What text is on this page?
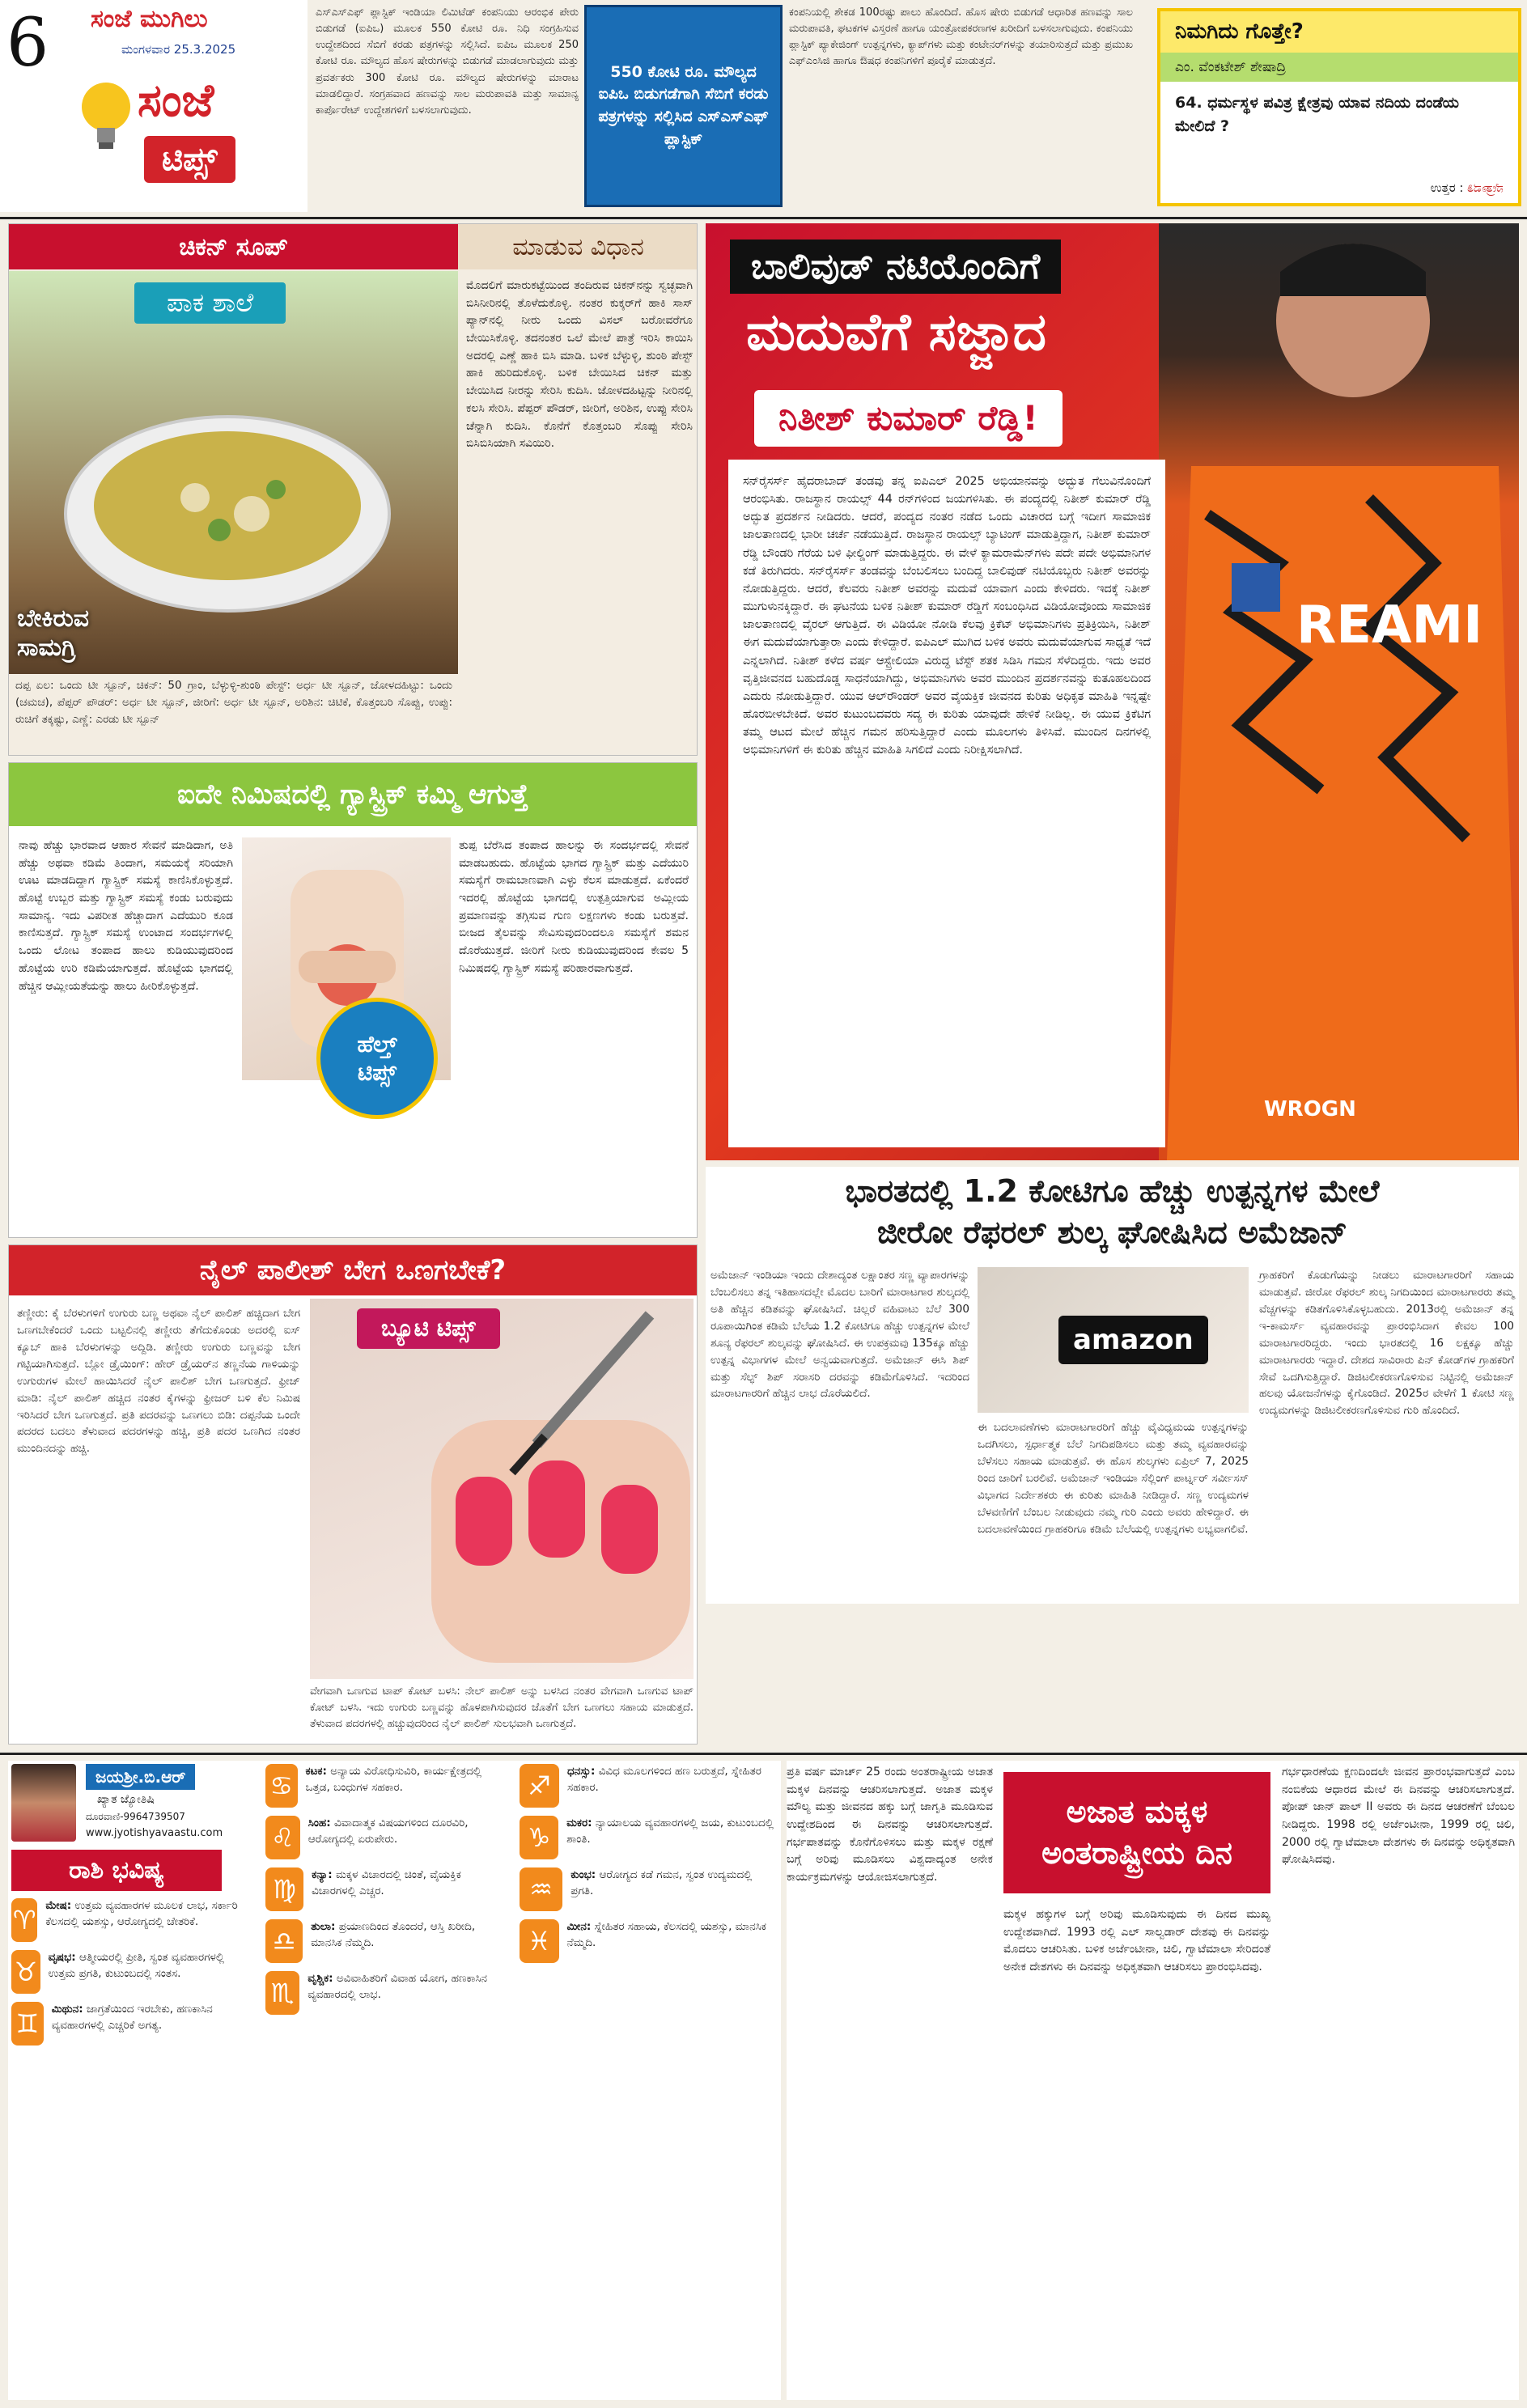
6 ಸಂಜೆ ಮುಗಿಲು
ಮಂಗಳವಾರ 25.3.2025
ಸಂಜೆ
ಟಿಪ್ಸ್
ಎಸ್‌ಎಸ್‌ಎಫ್ ಪ್ಲಾಸ್ಟಿಕ್ ಇಂಡಿಯಾ ಲಿಮಿಟೆಡ್ ಕಂಪನಿಯು ಆರಂಭಿಕ ಪೇರು ಬಿಡುಗಡೆ (ಐಪಿಒ) ಮೂಲಕ 550 ಕೋಟಿ ರೂ. ನಿಧಿ ಸಂಗ್ರಹಿಸುವ ಉದ್ದೇಶದಿಂದ ಸೆಬಿಗೆ ಕರಡು ಪತ್ರಗಳನ್ನು ಸಲ್ಲಿಸಿದೆ. ಐಪಿಒ ಮೂಲಕ 250 ಕೋಟಿ ರೂ. ಮೌಲ್ಯದ ಹೊಸ ಷೇರುಗಳನ್ನು ಬಿಡುಗಡೆ ಮಾಡಲಾಗುವುದು ಮತ್ತು ಪ್ರವರ್ತಕರು 300 ಕೋಟಿ ರೂ. ಮೌಲ್ಯದ ಷೇರುಗಳನ್ನು ಮಾರಾಟ ಮಾಡಲಿದ್ದಾರೆ. ಸಂಗ್ರಹವಾದ ಹಣವನ್ನು ಸಾಲ ಮರುಪಾವತಿ ಮತ್ತು ಸಾಮಾನ್ಯ ಕಾರ್ಪೊರೇಟ್ ಉದ್ದೇಶಗಳಿಗೆ ಬಳಸಲಾಗುವುದು.
550 ಕೋಟಿ ರೂ. ಮೌಲ್ಯದ ಐಪಿಒ ಬಿಡುಗಡೆಗಾಗಿ ಸೆಬಿಗೆ ಕರಡು ಪತ್ರಗಳನ್ನು ಸಲ್ಲಿಸಿದ ಎಸ್‌ಎಸ್‌ಎಫ್ ಪ್ಲಾಸ್ಟಿಕ್
ಕಂಪನಿಯಲ್ಲಿ ಶೇಕಡ 100ರಷ್ಟು ಪಾಲು ಹೊಂದಿದೆ. ಹೊಸ ಷೇರು ಬಿಡುಗಡೆ ಆಧಾರಿತ ಹಣವನ್ನು ಸಾಲ ಮರುಪಾವತಿ, ಘಟಕಗಳ ವಿಸ್ತರಣೆ ಹಾಗೂ ಯಂತ್ರೋಪಕರಣಗಳ ಖರೀದಿಗೆ ಬಳಸಲಾಗುವುದು. ಕಂಪನಿಯು ಪ್ಲಾಸ್ಟಿಕ್ ಪ್ಯಾಕೇಜಿಂಗ್ ಉತ್ಪನ್ನಗಳು, ಕ್ಯಾಪ್‌ಗಳು ಮತ್ತು ಕಂಟೇನರ್‌ಗಳನ್ನು ತಯಾರಿಸುತ್ತದೆ ಮತ್ತು ಪ್ರಮುಖ ಎಫ್‌ಎಂಸಿಜಿ ಹಾಗೂ ಔಷಧ ಕಂಪನಿಗಳಿಗೆ ಪೂರೈಕೆ ಮಾಡುತ್ತದೆ.
ನಿಮಗಿದು ಗೊತ್ತೇ?
ಎಂ. ವೆಂಕಟೇಶ್ ಶೇಷಾದ್ರಿ
64. ಧರ್ಮಸ್ಥಳ ಪವಿತ್ರ ಕ್ಷೇತ್ರವು ಯಾವ ನದಿಯ ದಂಡೆಯ ಮೇಲಿದೆ ?
ಉತ್ತರ : ನೇತ್ರಾವತಿ
ಚಿಕನ್ ಸೂಪ್	ಮಾಡುವ ವಿಧಾನ
ಪಾಕ ಶಾಲೆ
ಬೇಕಿರುವ ಸಾಮಗ್ರಿ
ದಪ್ಪ ಏಲ: ಒಂದು ಟೀ ಸ್ಪೂನ್, ಚಿಕನ್: 50 ಗ್ರಾಂ, ಬೆಳ್ಳುಳ್ಳಿ-ಶುಂಠಿ ಪೇಸ್ಟ್: ಅರ್ಧ ಟೀ ಸ್ಪೂನ್, ಜೋಳದಹಿಟ್ಟು: ಒಂದು (ಚಮಚ), ಪೆಪ್ಪರ್ ಪೌಡರ್: ಅರ್ಧ ಟೀ ಸ್ಪೂನ್, ಜೀರಿಗೆ: ಅರ್ಧ ಟೀ ಸ್ಪೂನ್, ಅರಿಶಿನ: ಚಿಟಿಕೆ, ಕೊತ್ತಂಬರಿ ಸೊಪ್ಪು, ಉಪ್ಪು: ರುಚಿಗೆ ತಕ್ಕಷ್ಟು, ಎಣ್ಣೆ: ಎರಡು ಟೀ ಸ್ಪೂನ್
ಮೊದಲಿಗೆ ಮಾರುಕಟ್ಟೆಯಿಂದ ತಂದಿರುವ ಚಿಕನ್‌ನನ್ನು ಸ್ವಚ್ಛವಾಗಿ ಬಿಸಿನೀರಿನಲ್ಲಿ ತೊಳೆದುಕೊಳ್ಳಿ. ನಂತರ ಕುಕ್ಕರ್‌ಗೆ ಹಾಕಿ ಸಾಸ್ ಪ್ಯಾನ್‌ನಲ್ಲಿ ನೀರು ಒಂದು ವಿಸಲ್ ಬರೋವರೆಗೂ ಬೇಯಿಸಿಕೊಳ್ಳಿ. ತದನಂತರ ಒಲೆ ಮೇಲೆ ಪಾತ್ರೆ ಇರಿಸಿ ಕಾಯಿಸಿ ಅದರಲ್ಲಿ ಎಣ್ಣೆ ಹಾಕಿ ಬಿಸಿ ಮಾಡಿ. ಬಳಿಕ ಬೆಳ್ಳುಳ್ಳಿ, ಶುಂಠಿ ಪೇಸ್ಟ್ ಹಾಕಿ ಹುರಿದುಕೊಳ್ಳಿ. ಬಳಿಕ ಬೇಯಿಸಿದ ಚಿಕನ್ ಮತ್ತು ಬೇಯಿಸಿದ ನೀರನ್ನು ಸೇರಿಸಿ ಕುದಿಸಿ. ಜೋಳದಹಿಟ್ಟನ್ನು ನೀರಿನಲ್ಲಿ ಕಲಸಿ ಸೇರಿಸಿ. ಪೆಪ್ಪರ್ ಪೌಡರ್, ಜೀರಿಗೆ, ಅರಿಶಿನ, ಉಪ್ಪು ಸೇರಿಸಿ ಚೆನ್ನಾಗಿ ಕುದಿಸಿ. ಕೊನೆಗೆ ಕೊತ್ತಂಬರಿ ಸೊಪ್ಪು ಸೇರಿಸಿ ಬಿಸಿಬಿಸಿಯಾಗಿ ಸವಿಯಿರಿ.
ಐದೇ ನಿಮಿಷದಲ್ಲಿ ಗ್ಯಾಸ್ಟ್ರಿಕ್ ಕಮ್ಮಿ ಆಗುತ್ತೆ
ನಾವು ಹೆಚ್ಚು ಭಾರವಾದ ಆಹಾರ ಸೇವನೆ ಮಾಡಿದಾಗ, ಅತಿ ಹೆಚ್ಚು ಅಥವಾ ಕಡಿಮೆ ತಿಂದಾಗ, ಸಮಯಕ್ಕೆ ಸರಿಯಾಗಿ ಊಟ ಮಾಡದಿದ್ದಾಗ ಗ್ಯಾಸ್ಟ್ರಿಕ್ ಸಮಸ್ಯೆ ಕಾಣಿಸಿಕೊಳ್ಳುತ್ತದೆ. ಹೊಟ್ಟೆ ಉಬ್ಬರ ಮತ್ತು ಗ್ಯಾಸ್ಟ್ರಿಕ್ ಸಮಸ್ಯೆ ಕಂಡು ಬರುವುದು ಸಾಮಾನ್ಯ. ಇದು ವಿಪರೀತ ಹೆಚ್ಚಾದಾಗ ಎದೆಯುರಿ ಕೂಡ ಕಾಣಿಸುತ್ತದೆ. ಗ್ಯಾಸ್ಟ್ರಿಕ್ ಸಮಸ್ಯೆ ಉಂಟಾದ ಸಂದರ್ಭಗಳಲ್ಲಿ ಒಂದು ಲೋಟ ತಂಪಾದ ಹಾಲು ಕುಡಿಯುವುದರಿಂದ ಹೊಟ್ಟೆಯ ಉರಿ ಕಡಿಮೆಯಾಗುತ್ತದೆ. ಹೊಟ್ಟೆಯ ಭಾಗದಲ್ಲಿ ಹೆಚ್ಚಿನ ಆಮ್ಲೀಯತೆಯನ್ನು ಹಾಲು ಹೀರಿಕೊಳ್ಳುತ್ತದೆ.
ಹೆಲ್ತ್
ಟಿಪ್ಸ್
ತುಪ್ಪ ಬೆರೆಸಿದ ತಂಪಾದ ಹಾಲನ್ನು ಈ ಸಂದರ್ಭದಲ್ಲಿ ಸೇವನೆ ಮಾಡಬಹುದು. ಹೊಟ್ಟೆಯ ಭಾಗದ ಗ್ಯಾಸ್ಟ್ರಿಕ್ ಮತ್ತು ಎದೆಯುರಿ ಸಮಸ್ಯೆಗೆ ರಾಮಬಾಣವಾಗಿ ಎಳ್ಳು ಕೆಲಸ ಮಾಡುತ್ತದೆ. ಏಕೆಂದರೆ ಇದರಲ್ಲಿ ಹೊಟ್ಟೆಯ ಭಾಗದಲ್ಲಿ ಉತ್ಪತ್ತಿಯಾಗುವ ಅಮ್ಲೀಯ ಪ್ರಮಾಣವನ್ನು ತಗ್ಗಿಸುವ ಗುಣ ಲಕ್ಷಣಗಳು ಕಂಡು ಬರುತ್ತವೆ. ಬೀಜದ ತೈಲವನ್ನು ಸೇವಿಸುವುದರಿಂದಲೂ ಸಮಸ್ಯೆಗೆ ಶಮನ ದೊರೆಯುತ್ತದೆ. ಜೀರಿಗೆ ನೀರು ಕುಡಿಯುವುದರಿಂದ ಕೇವಲ 5 ನಿಮಿಷದಲ್ಲಿ ಗ್ಯಾಸ್ಟ್ರಿಕ್ ಸಮಸ್ಯೆ ಪರಿಹಾರವಾಗುತ್ತದೆ.
ನೈಲ್ ಪಾಲೀಶ್ ಬೇಗ ಒಣಗಬೇಕೆ?
ತಣ್ಣೀರು: ಕೈ ಬೆರಳುಗಳಿಗೆ ಉಗುರು ಬಣ್ಣ ಅಥವಾ ನೈಲ್ ಪಾಲಿಶ್ ಹಚ್ಚಿದಾಗ ಬೇಗ ಒಣಗಬೇಕೆಂದರೆ ಒಂದು ಬಟ್ಟಲಿನಲ್ಲಿ ತಣ್ಣೀರು ತೆಗೆದುಕೊಂಡು ಅದರಲ್ಲಿ ಐಸ್ ಕ್ಯೂಬ್ ಹಾಕಿ ಬೆರಳುಗಳನ್ನು ಅದ್ದಿಡಿ. ತಣ್ಣೀರು ಉಗುರು ಬಣ್ಣವನ್ನು ಬೇಗ ಗಟ್ಟಿಯಾಗಿಸುತ್ತದೆ. ಬ್ಲೋ ಡ್ರೈಯಿಂಗ್: ಹೇರ್ ಡ್ರೈಯರ್‌ನ ತಣ್ಣನೆಯ ಗಾಳಿಯನ್ನು ಉಗುರುಗಳ ಮೇಲೆ ಹಾಯಿಸಿದರೆ ನೈಲ್ ಪಾಲಿಶ್ ಬೇಗ ಒಣಗುತ್ತದೆ. ಫ್ರೀಜ್ ಮಾಡಿ: ನೈಲ್ ಪಾಲಿಶ್ ಹಚ್ಚಿದ ನಂತರ ಕೈಗಳನ್ನು ಫ್ರೀಜರ್ ಬಳಿ ಕೆಲ ನಿಮಿಷ ಇರಿಸಿದರೆ ಬೇಗ ಒಣಗುತ್ತದೆ. ಪ್ರತಿ ಪದರವನ್ನು ಒಣಗಲು ಬಿಡಿ: ದಪ್ಪನೆಯ ಒಂದೇ ಪದರದ ಬದಲು ತೆಳುವಾದ ಪದರಗಳನ್ನು ಹಚ್ಚಿ, ಪ್ರತಿ ಪದರ ಒಣಗಿದ ನಂತರ ಮುಂದಿನದನ್ನು ಹಚ್ಚಿ.
ಬ್ಯೂಟಿ ಟಿಪ್ಸ್
ವೇಗವಾಗಿ ಒಣಗುವ ಟಾಪ್ ಕೋಟ್ ಬಳಸಿ: ನೇಲ್ ಪಾಲಿಶ್ ಅನ್ನು ಬಳಸಿದ ನಂತರ ವೇಗವಾಗಿ ಒಣಗುವ ಟಾಪ್ ಕೋಟ್ ಬಳಸಿ. ಇದು ಉಗುರು ಬಣ್ಣವನ್ನು ಹೊಳಪಾಗಿಸುವುದರ ಜೊತೆಗೆ ಬೇಗ ಒಣಗಲು ಸಹಾಯ ಮಾಡುತ್ತದೆ. ತೆಳುವಾದ ಪದರಗಳಲ್ಲಿ ಹಚ್ಚುವುದರಿಂದ ನೈಲ್ ಪಾಲಿಶ್ ಸುಲಭವಾಗಿ ಒಣಗುತ್ತದೆ.
ಬಾಲಿವುಡ್ ನಟಿಯೊಂದಿಗೆ
ಮದುವೆಗೆ ಸಜ್ಜಾದ
ನಿತೀಶ್ ಕುಮಾರ್ ರೆಡ್ಡಿ!
REAMI
WROGN
ಸನ್‌ರೈಸರ್ಸ್ ಹೈದರಾಬಾದ್ ತಂಡವು ತನ್ನ ಐಪಿಎಲ್ 2025 ಅಭಿಯಾನವನ್ನು ಅದ್ಭುತ ಗೆಲುವಿನೊಂದಿಗೆ ಆರಂಭಿಸಿತು. ರಾಜಸ್ಥಾನ ರಾಯಲ್ಸ್ 44 ರನ್‌ಗಳಿಂದ ಜಯಗಳಿಸಿತು. ಈ ಪಂದ್ಯದಲ್ಲಿ ನಿತೀಶ್ ಕುಮಾರ್ ರೆಡ್ಡಿ ಅದ್ಭುತ ಪ್ರದರ್ಶನ ನೀಡಿದರು. ಆದರೆ, ಪಂದ್ಯದ ನಂತರ ನಡೆದ ಒಂದು ವಿಚಾರದ ಬಗ್ಗೆ ಇದೀಗ ಸಾಮಾಜಿಕ ಜಾಲತಾಣದಲ್ಲಿ ಭಾರೀ ಚರ್ಚೆ ನಡೆಯುತ್ತಿದೆ. ರಾಜಸ್ಥಾನ ರಾಯಲ್ಸ್ ಬ್ಯಾಟಿಂಗ್ ಮಾಡುತ್ತಿದ್ದಾಗ, ನಿತೀಶ್ ಕುಮಾರ್ ರೆಡ್ಡಿ ಬೌಂಡರಿ ಗೆರೆಯ ಬಳಿ ಫೀಲ್ಡಿಂಗ್ ಮಾಡುತ್ತಿದ್ದರು. ಈ ವೇಳೆ ಕ್ಯಾಮರಾಮೆನ್‌ಗಳು ಪದೇ ಪದೇ ಅಭಿಮಾನಿಗಳ ಕಡೆ ತಿರುಗಿದರು. ಸನ್‌ರೈಸರ್ಸ್ ತಂಡವನ್ನು ಬೆಂಬಲಿಸಲು ಬಂದಿದ್ದ ಬಾಲಿವುಡ್ ನಟಿಯೊಬ್ಬರು ನಿತೀಶ್ ಅವರನ್ನು ನೋಡುತ್ತಿದ್ದರು. ಆದರೆ, ಕೆಲವರು ನಿತೀಶ್ ಅವರನ್ನು ಮದುವೆ ಯಾವಾಗ ಎಂದು ಕೇಳಿದರು. ಇದಕ್ಕೆ ನಿತೀಶ್ ಮುಗುಳುನಕ್ಕಿದ್ದಾರೆ. ಈ ಘಟನೆಯ ಬಳಿಕ ನಿತೀಶ್ ಕುಮಾರ್ ರೆಡ್ಡಿಗೆ ಸಂಬಂಧಿಸಿದ ವಿಡಿಯೋವೊಂದು ಸಾಮಾಜಿಕ ಜಾಲತಾಣದಲ್ಲಿ ವೈರಲ್ ಆಗುತ್ತಿದೆ. ಈ ವಿಡಿಯೋ ನೋಡಿ ಕೆಲವು ಕ್ರಿಕೆಟ್ ಅಭಿಮಾನಿಗಳು ಪ್ರತಿಕ್ರಿಯಿಸಿ, ನಿತೀಶ್ ಈಗ ಮದುವೆಯಾಗುತ್ತಾರಾ ಎಂದು ಕೇಳಿದ್ದಾರೆ. ಐಪಿಎಲ್ ಮುಗಿದ ಬಳಿಕ ಅವರು ಮದುವೆಯಾಗುವ ಸಾಧ್ಯತೆ ಇದೆ ಎನ್ನಲಾಗಿದೆ. ನಿತೀಶ್ ಕಳೆದ ವರ್ಷ ಆಸ್ಟ್ರೇಲಿಯಾ ವಿರುದ್ಧ ಟೆಸ್ಟ್ ಶತಕ ಸಿಡಿಸಿ ಗಮನ ಸೆಳೆದಿದ್ದರು. ಇದು ಅವರ ವೃತ್ತಿಜೀವನದ ಬಹುದೊಡ್ಡ ಸಾಧನೆಯಾಗಿದ್ದು, ಅಭಿಮಾನಿಗಳು ಅವರ ಮುಂದಿನ ಪ್ರದರ್ಶನವನ್ನು ಕುತೂಹಲದಿಂದ ಎದುರು ನೋಡುತ್ತಿದ್ದಾರೆ. ಯುವ ಆಲ್‌ರೌಂಡರ್ ಅವರ ವೈಯಕ್ತಿಕ ಜೀವನದ ಕುರಿತು ಅಧಿಕೃತ ಮಾಹಿತಿ ಇನ್ನಷ್ಟೇ ಹೊರಬೀಳಬೇಕಿದೆ. ಅವರ ಕುಟುಂಬದವರು ಸದ್ಯ ಈ ಕುರಿತು ಯಾವುದೇ ಹೇಳಿಕೆ ನೀಡಿಲ್ಲ. ಈ ಯುವ ಕ್ರಿಕೆಟಿಗ ತಮ್ಮ ಆಟದ ಮೇಲೆ ಹೆಚ್ಚಿನ ಗಮನ ಹರಿಸುತ್ತಿದ್ದಾರೆ ಎಂದು ಮೂಲಗಳು ತಿಳಿಸಿವೆ. ಮುಂದಿನ ದಿನಗಳಲ್ಲಿ ಅಭಿಮಾನಿಗಳಿಗೆ ಈ ಕುರಿತು ಹೆಚ್ಚಿನ ಮಾಹಿತಿ ಸಿಗಲಿದೆ ಎಂದು ನಿರೀಕ್ಷಿಸಲಾಗಿದೆ.
ಭಾರತದಲ್ಲಿ 1.2 ಕೋಟಿಗೂ ಹೆಚ್ಚು ಉತ್ಪನ್ನಗಳ ಮೇಲೆ
ಜೀರೋ ರೆಫರಲ್ ಶುಲ್ಕ ಘೋಷಿಸಿದ ಅಮೆಜಾನ್
ಅಮೆಜಾನ್ ಇಂಡಿಯಾ ಇಂದು ದೇಶಾದ್ಯಂತ ಲಕ್ಷಾಂತರ ಸಣ್ಣ ವ್ಯಾಪಾರಗಳನ್ನು ಬೆಂಬಲಿಸಲು ತನ್ನ ಇತಿಹಾಸದಲ್ಲೇ ಮೊದಲ ಬಾರಿಗೆ ಮಾರಾಟಗಾರ ಶುಲ್ಕದಲ್ಲಿ ಅತಿ ಹೆಚ್ಚಿನ ಕಡಿತವನ್ನು ಘೋಷಿಸಿದೆ. ಚಿಲ್ಲರೆ ವಹಿವಾಟು ಬೆಲೆ 300 ರೂಪಾಯಿಗಿಂತ ಕಡಿಮೆ ಬೆಲೆಯ 1.2 ಕೋಟಿಗೂ ಹೆಚ್ಚು ಉತ್ಪನ್ನಗಳ ಮೇಲೆ ಶೂನ್ಯ ರೆಫರಲ್ ಶುಲ್ಕವನ್ನು ಘೋಷಿಸಿದೆ. ಈ ಉಪಕ್ರಮವು 135ಕ್ಕೂ ಹೆಚ್ಚು ಉತ್ಪನ್ನ ವಿಭಾಗಗಳ ಮೇಲೆ ಅನ್ವಯವಾಗುತ್ತದೆ. ಅಮೆಜಾನ್ ಈಸಿ ಶಿಪ್ ಮತ್ತು ಸೆಲ್ಫ್ ಶಿಪ್ ಸರಾಸರಿ ದರವನ್ನು ಕಡಿಮೆಗೊಳಿಸಿದೆ. ಇದರಿಂದ ಮಾರಾಟಗಾರರಿಗೆ ಹೆಚ್ಚಿನ ಲಾಭ ದೊರೆಯಲಿದೆ.
amazon
ಈ ಬದಲಾವಣೆಗಳು ಮಾರಾಟಗಾರರಿಗೆ ಹೆಚ್ಚು ವೈವಿಧ್ಯಮಯ ಉತ್ಪನ್ನಗಳನ್ನು ಒದಗಿಸಲು, ಸ್ಪರ್ಧಾತ್ಮಕ ಬೆಲೆ ನಿಗದಿಪಡಿಸಲು ಮತ್ತು ತಮ್ಮ ವ್ಯವಹಾರವನ್ನು ಬೆಳೆಸಲು ಸಹಾಯ ಮಾಡುತ್ತವೆ. ಈ ಹೊಸ ಶುಲ್ಕಗಳು ಏಪ್ರಿಲ್ 7, 2025 ರಿಂದ ಜಾರಿಗೆ ಬರಲಿವೆ. ಅಮೆಜಾನ್ ಇಂಡಿಯಾ ಸೆಲ್ಲಿಂಗ್ ಪಾರ್ಟ್ನರ್ ಸರ್ವೀಸಸ್ ವಿಭಾಗದ ನಿರ್ದೇಶಕರು ಈ ಕುರಿತು ಮಾಹಿತಿ ನೀಡಿದ್ದಾರೆ. ಸಣ್ಣ ಉದ್ಯಮಗಳ ಬೆಳವಣಿಗೆಗೆ ಬೆಂಬಲ ನೀಡುವುದು ನಮ್ಮ ಗುರಿ ಎಂದು ಅವರು ಹೇಳಿದ್ದಾರೆ. ಈ ಬದಲಾವಣೆಯಿಂದ ಗ್ರಾಹಕರಿಗೂ ಕಡಿಮೆ ಬೆಲೆಯಲ್ಲಿ ಉತ್ಪನ್ನಗಳು ಲಭ್ಯವಾಗಲಿವೆ.
ಗ್ರಾಹಕರಿಗೆ ಕೊಡುಗೆಯನ್ನು ನೀಡಲು ಮಾರಾಟಗಾರರಿಗೆ ಸಹಾಯ ಮಾಡುತ್ತವೆ. ಜೀರೋ ರೆಫರಲ್ ಶುಲ್ಕ ನಿಗದಿಯಿಂದ ಮಾರಾಟಗಾರರು ತಮ್ಮ ವೆಚ್ಚಗಳನ್ನು ಕಡಿತಗೊಳಿಸಿಕೊಳ್ಳಬಹುದು. 2013ರಲ್ಲಿ ಅಮೆಜಾನ್ ತನ್ನ ಇ-ಕಾಮರ್ಸ್ ವ್ಯವಹಾರವನ್ನು ಪ್ರಾರಂಭಿಸಿದಾಗ ಕೇವಲ 100 ಮಾರಾಟಗಾರರಿದ್ದರು. ಇಂದು ಭಾರತದಲ್ಲಿ 16 ಲಕ್ಷಕ್ಕೂ ಹೆಚ್ಚು ಮಾರಾಟಗಾರರು ಇದ್ದಾರೆ. ದೇಶದ ಸಾವಿರಾರು ಪಿನ್ ಕೋಡ್‌ಗಳ ಗ್ರಾಹಕರಿಗೆ ಸೇವೆ ಒದಗಿಸುತ್ತಿದ್ದಾರೆ. ಡಿಜಿಟಲೀಕರಣಗೊಳಿಸುವ ನಿಟ್ಟಿನಲ್ಲಿ ಅಮೆಜಾನ್ ಹಲವು ಯೋಜನೆಗಳನ್ನು ಕೈಗೊಂಡಿದೆ. 2025ರ ವೇಳೆಗೆ 1 ಕೋಟಿ ಸಣ್ಣ ಉದ್ಯಮಗಳನ್ನು ಡಿಜಿಟಲೀಕರಣಗೊಳಿಸುವ ಗುರಿ ಹೊಂದಿದೆ.
ಜಯಶ್ರೀ.ಬಿ.ಆರ್
ಖ್ಯಾತ ಜ್ಯೋತಿಷಿ
ದೂರವಾಣಿ-9964739507
www.jyotishyavaastu.com
ರಾಶಿ ಭವಿಷ್ಯ
♈ ಮೇಷ: ಉತ್ತಮ ವ್ಯವಹಾರಗಳ ಮೂಲಕ ಲಾಭ, ಸರ್ಕಾರಿ ಕೆಲಸದಲ್ಲಿ ಯಶಸ್ಸು, ಆರೋಗ್ಯದಲ್ಲಿ ಚೇತರಿಕೆ.
♉ ವೃಷಭ: ಆತ್ಮೀಯರಲ್ಲಿ ಪ್ರೀತಿ, ಸ್ವಂತ ವ್ಯವಹಾರಗಳಲ್ಲಿ ಉತ್ತಮ ಪ್ರಗತಿ, ಕುಟುಂಬದಲ್ಲಿ ಸಂತಸ.
♊	ಮಿಥುನ: ಜಾಗ್ರತೆಯಿಂದ ಇರಬೇಕು, ಹಣಕಾಸಿನ ವ್ಯವಹಾರಗಳಲ್ಲಿ ಎಚ್ಚರಿಕೆ ಅಗತ್ಯ.
♋	ಕಟಕ: ಅನ್ಯಾಯ ವಿರೋಧಿಸುವಿರಿ, ಕಾರ್ಯಕ್ಷೇತ್ರದಲ್ಲಿ ಒತ್ತಡ, ಬಂಧುಗಳ ಸಹಕಾರ.
♌	ಸಿಂಹ: ವಿವಾದಾತ್ಮಕ ವಿಷಯಗಳಿಂದ ದೂರವಿರಿ, ಆರೋಗ್ಯದಲ್ಲಿ ಏರುಪೇರು.
♍	ಕನ್ಯಾ: ಮಕ್ಕಳ ವಿಚಾರದಲ್ಲಿ ಚಿಂತೆ, ವೈಯಕ್ತಿಕ ವಿಚಾರಗಳಲ್ಲಿ ಎಚ್ಚರ.
♎	ತುಲಾ: ಪ್ರಯಾಣದಿಂದ ತೊಂದರೆ, ಆಸ್ತಿ ಖರೀದಿ, ಮಾನಸಿಕ ನೆಮ್ಮದಿ.
♏	ವೃಶ್ಚಿಕ: ಅವಿವಾಹಿತರಿಗೆ ವಿವಾಹ ಯೋಗ, ಹಣಕಾಸಿನ ವ್ಯವಹಾರದಲ್ಲಿ ಲಾಭ.
♐	ಧನಸ್ಸು: ವಿವಿಧ ಮೂಲಗಳಿಂದ ಹಣ ಬರುತ್ತದೆ, ಸ್ನೇಹಿತರ ಸಹಕಾರ.
♑	ಮಕರ: ನ್ಯಾಯಾಲಯ ವ್ಯವಹಾರಗಳಲ್ಲಿ ಜಯ, ಕುಟುಂಬದಲ್ಲಿ ಶಾಂತಿ.
♒	ಕುಂಭ: ಆರೋಗ್ಯದ ಕಡೆ ಗಮನ, ಸ್ವಂತ ಉದ್ಯಮದಲ್ಲಿ ಪ್ರಗತಿ.
♓	ಮೀನ: ಸ್ನೇಹಿತರ ಸಹಾಯ, ಕೆಲಸದಲ್ಲಿ ಯಶಸ್ಸು, ಮಾನಸಿಕ ನೆಮ್ಮದಿ.
ಪ್ರತಿ ವರ್ಷ ಮಾರ್ಚ್ 25 ರಂದು ಅಂತರಾಷ್ಟ್ರೀಯ ಅಜಾತ ಮಕ್ಕಳ ದಿನವನ್ನು ಆಚರಿಸಲಾಗುತ್ತದೆ. ಅಜಾತ ಮಕ್ಕಳ ಮೌಲ್ಯ ಮತ್ತು ಜೀವನದ ಹಕ್ಕು ಬಗ್ಗೆ ಜಾಗೃತಿ ಮೂಡಿಸುವ ಉದ್ದೇಶದಿಂದ ಈ ದಿನವನ್ನು ಆಚರಿಸಲಾಗುತ್ತದೆ. ಗರ್ಭಪಾತವನ್ನು ಕೊನೆಗೊಳಿಸಲು ಮತ್ತು ಮಕ್ಕಳ ರಕ್ಷಣೆ ಬಗ್ಗೆ ಅರಿವು ಮೂಡಿಸಲು ವಿಶ್ವದಾದ್ಯಂತ ಅನೇಕ ಕಾರ್ಯಕ್ರಮಗಳನ್ನು ಆಯೋಜಿಸಲಾಗುತ್ತದೆ.
ಅಜಾತ ಮಕ್ಕಳ
ಅಂತರಾಷ್ಟ್ರೀಯ ದಿನ
ಮಕ್ಕಳ ಹಕ್ಕುಗಳ ಬಗ್ಗೆ ಅರಿವು ಮೂಡಿಸುವುದು ಈ ದಿನದ ಮುಖ್ಯ ಉದ್ದೇಶವಾಗಿದೆ. 1993 ರಲ್ಲಿ ಎಲ್ ಸಾಲ್ವಡಾರ್ ದೇಶವು ಈ ದಿನವನ್ನು ಮೊದಲು ಆಚರಿಸಿತು. ಬಳಿಕ ಅರ್ಜೆಂಟೀನಾ, ಚಿಲಿ, ಗ್ವಾಟೆಮಾಲಾ ಸೇರಿದಂತೆ ಅನೇಕ ದೇಶಗಳು ಈ ದಿನವನ್ನು ಅಧಿಕೃತವಾಗಿ ಆಚರಿಸಲು ಪ್ರಾರಂಭಿಸಿದವು.
ಗರ್ಭಧಾರಣೆಯ ಕ್ಷಣದಿಂದಲೇ ಜೀವನ ಪ್ರಾರಂಭವಾಗುತ್ತದೆ ಎಂಬ ನಂಬಿಕೆಯ ಆಧಾರದ ಮೇಲೆ ಈ ದಿನವನ್ನು ಆಚರಿಸಲಾಗುತ್ತದೆ. ಪೋಪ್ ಜಾನ್ ಪಾಲ್ II ಅವರು ಈ ದಿನದ ಆಚರಣೆಗೆ ಬೆಂಬಲ ನೀಡಿದ್ದರು. 1998 ರಲ್ಲಿ ಅರ್ಜೆಂಟೀನಾ, 1999 ರಲ್ಲಿ ಚಿಲಿ, 2000 ರಲ್ಲಿ ಗ್ವಾಟೆಮಾಲಾ ದೇಶಗಳು ಈ ದಿನವನ್ನು ಅಧಿಕೃತವಾಗಿ ಘೋಷಿಸಿದವು.
